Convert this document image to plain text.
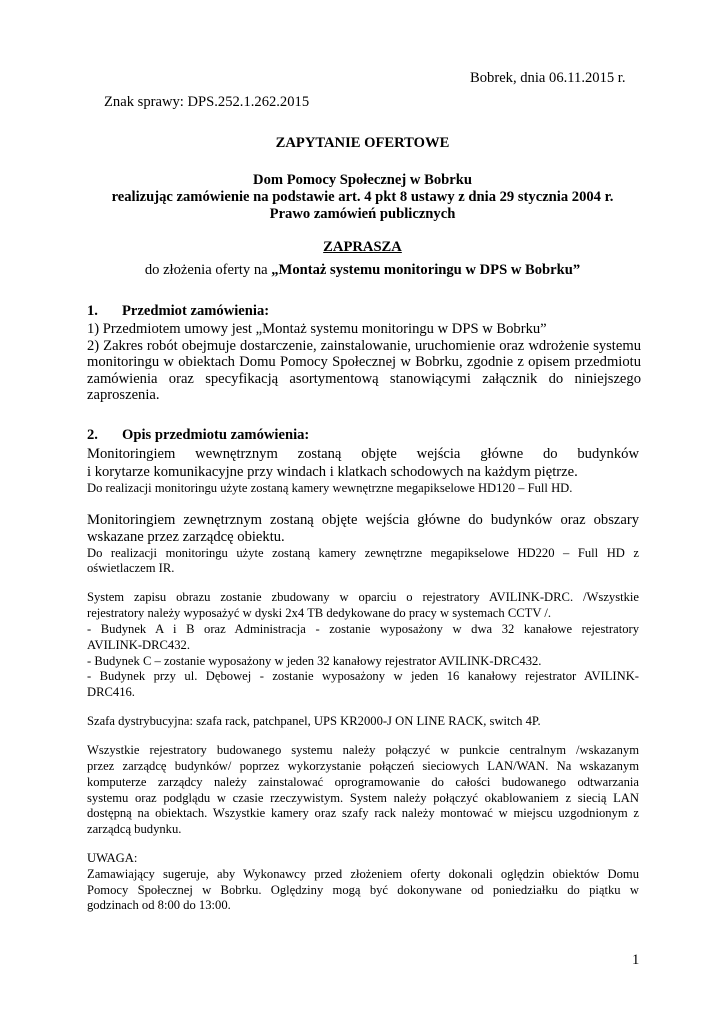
Bobrek, dnia 06.11.2015 r.
Znak sprawy: DPS.252.1.262.2015
ZAPYTANIE OFERTOWE
Dom Pomocy Społecznej w Bobrku
realizując zamówienie na podstawie art. 4 pkt 8 ustawy z dnia 29 stycznia 2004 r.
Prawo zamówień publicznych
ZAPRASZA
do złożenia oferty na „Montaż systemu monitoringu w DPS w Bobrku”
1. Przedmiot zamówienia:
1) Przedmiotem umowy jest „Montaż systemu monitoringu w DPS w Bobrku”
2) Zakres robót obejmuje dostarczenie, zainstalowanie, uruchomienie oraz wdrożenie systemu
monitoringu w obiektach Domu Pomocy Społecznej w Bobrku, zgodnie z opisem przedmiotu
zamówienia oraz specyfikacją asortymentową stanowiącymi załącznik do niniejszego
zaproszenia.
2. Opis przedmiotu zamówienia:
Monitoringiem wewnętrznym zostaną objęte wejścia główne do budynków
i korytarze komunikacyjne przy windach i klatkach schodowych na każdym piętrze.
Do realizacji monitoringu użyte zostaną kamery wewnętrzne megapikselowe HD120 – Full HD.
Monitoringiem zewnętrznym zostaną objęte wejścia główne do budynków oraz obszary
wskazane przez zarządcę obiektu.
Do realizacji monitoringu użyte zostaną kamery zewnętrzne megapikselowe HD220 – Full HD z
oświetlaczem IR.
System zapisu obrazu zostanie zbudowany w oparciu o rejestratory AVILINK-DRC. /Wszystkie
rejestratory należy wyposażyć w dyski 2x4 TB dedykowane do pracy w systemach CCTV /.
- Budynek A i B oraz Administracja - zostanie wyposażony w dwa 32 kanałowe rejestratory
AVILINK-DRC432.
- Budynek C – zostanie wyposażony w jeden 32 kanałowy rejestrator AVILINK-DRC432.
- Budynek przy ul. Dębowej - zostanie wyposażony w jeden 16 kanałowy rejestrator AVILINK-
DRC416.
Szafa dystrybucyjna: szafa rack, patchpanel, UPS KR2000-J ON LINE RACK, switch 4P.
Wszystkie rejestratory budowanego systemu należy połączyć w punkcie centralnym /wskazanym
przez zarządcę budynków/ poprzez wykorzystanie połączeń sieciowych LAN/WAN. Na wskazanym
komputerze zarządcy należy zainstalować oprogramowanie do całości budowanego odtwarzania
systemu oraz podglądu w czasie rzeczywistym. System należy połączyć okablowaniem z siecią LAN
dostępną na obiektach. Wszystkie kamery oraz szafy rack należy montować w miejscu uzgodnionym z
zarządcą budynku.
UWAGA:
Zamawiający sugeruje, aby Wykonawcy przed złożeniem oferty dokonali oględzin obiektów Domu
Pomocy Społecznej w Bobrku. Oględziny mogą być dokonywane od poniedziałku do piątku w
godzinach od 8:00 do 13:00.
1
